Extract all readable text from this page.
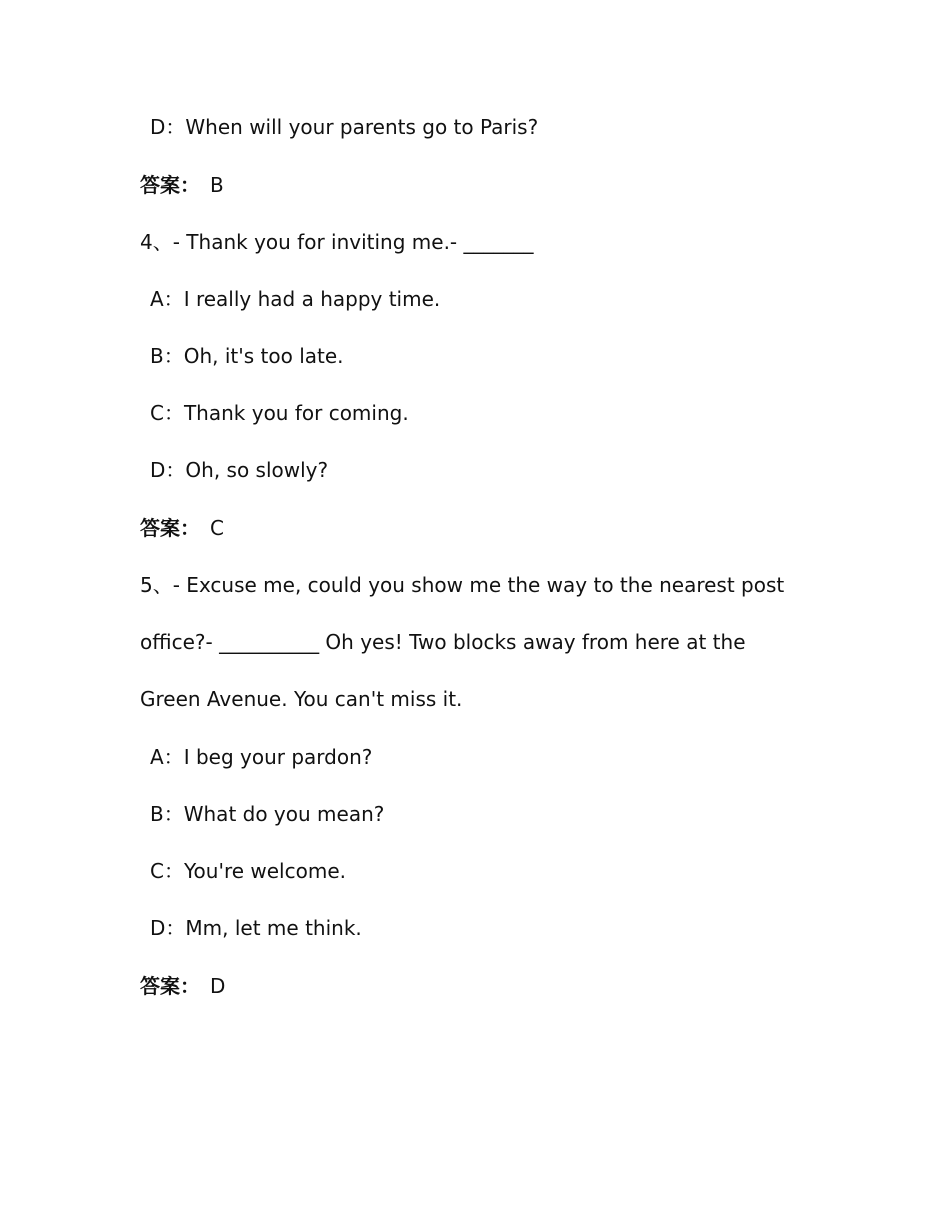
D：When will your parents go to Paris?
答案： B
4、- Thank you for inviting me.- _______
A：I really had a happy time.
B：Oh, it's too late.
C：Thank you for coming.
D：Oh, so slowly?
答案： C
5、- Excuse me, could you show me the way to the nearest post
office?- __________ Oh yes! Two blocks away from here at the
Green Avenue. You can't miss it.
A：I beg your pardon?
B：What do you mean?
C：You're welcome.
D：Mm, let me think.
答案： D
